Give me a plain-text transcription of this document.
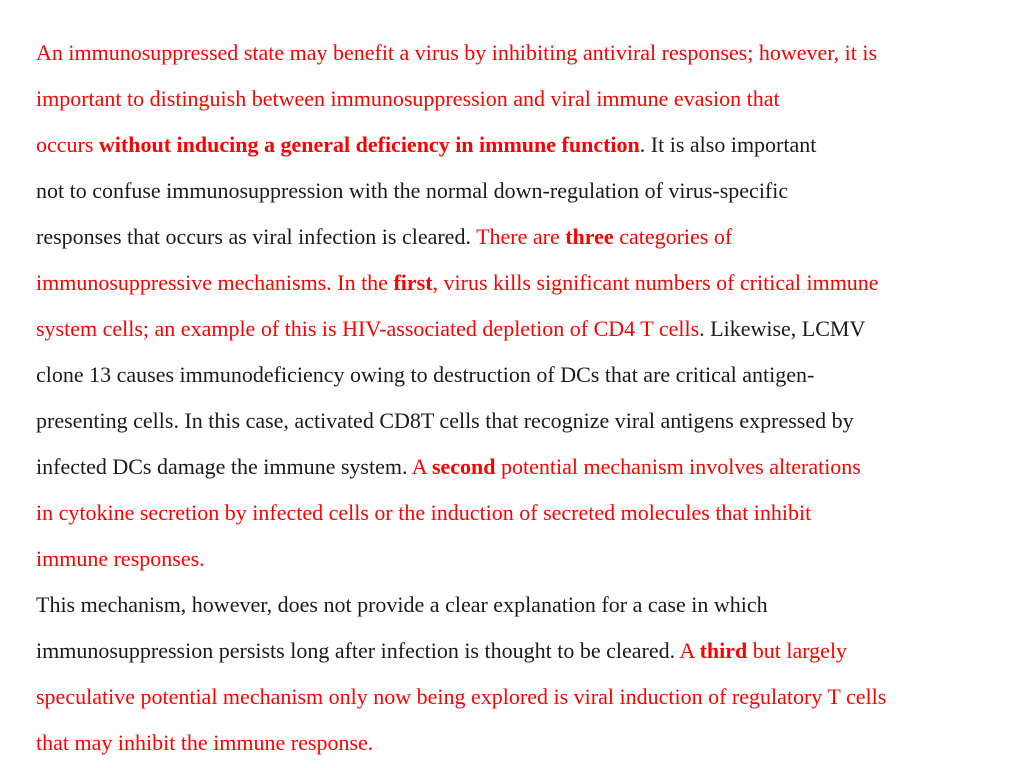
An immunosuppressed state may benefit a virus by inhibiting antiviral responses; however, it is
important to distinguish between immunosuppression and viral immune evasion that
occurs without inducing a general deficiency in immune function. It is also important
not to confuse immunosuppression with the normal down-regulation of virus-specific
responses that occurs as viral infection is cleared. There are three categories of
immunosuppressive mechanisms. In the first, virus kills significant numbers of critical immune
system cells; an example of this is HIV-associated depletion of CD4 T cells. Likewise, LCMV
clone 13 causes immunodeficiency owing to destruction of DCs that are critical antigen-
presenting cells. In this case, activated CD8T cells that recognize viral antigens expressed by
infected DCs damage the immune system. A second potential mechanism involves alterations
in cytokine secretion by infected cells or the induction of secreted molecules that inhibit
immune responses.
This mechanism, however, does not provide a clear explanation for a case in which
immunosuppression persists long after infection is thought to be cleared. A third but largely
speculative potential mechanism only now being explored is viral induction of regulatory T cells
that may inhibit the immune response.
